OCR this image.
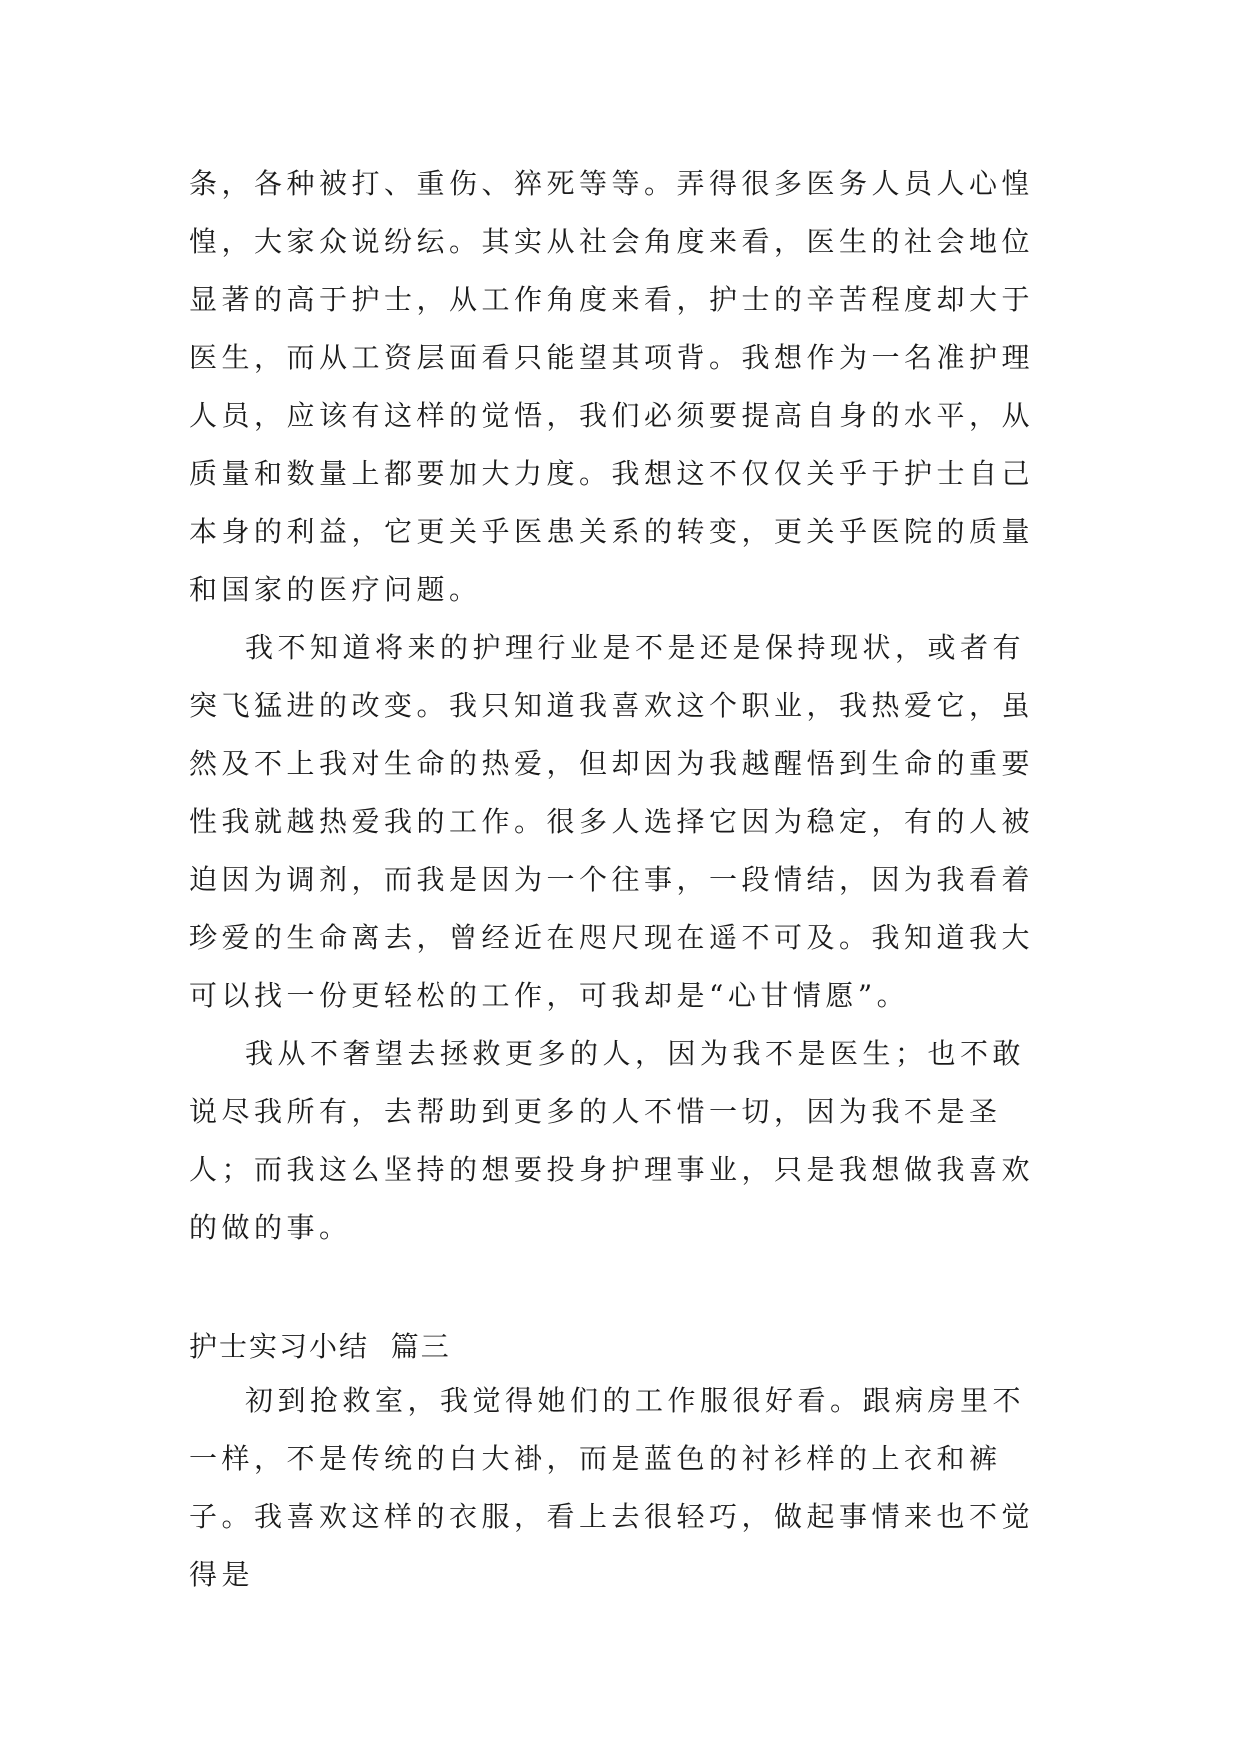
条，各种被打、重伤、猝死等等。弄得很多医务人员人心惶惶，大家众说纷纭。其实从社会角度来看，医生的社会地位显著的高于护士，从工作角度来看，护士的辛苦程度却大于医生，而从工资层面看只能望其项背。我想作为一名准护理人员，应该有这样的觉悟，我们必须要提高自身的水平，从质量和数量上都要加大力度。我想这不仅仅关乎于护士自己本身的利益，它更关乎医患关系的转变，更关乎医院的质量和国家的医疗问题。

我不知道将来的护理行业是不是还是保持现状，或者有突飞猛进的改变。我只知道我喜欢这个职业，我热爱它，虽然及不上我对生命的热爱，但却因为我越醒悟到生命的重要性我就越热爱我的工作。很多人选择它因为稳定，有的人被迫因为调剂，而我是因为一个往事，一段情结，因为我看着珍爱的生命离去，曾经近在咫尺现在遥不可及。我知道我大可以找一份更轻松的工作，可我却是“心甘情愿”。

我从不奢望去拯救更多的人，因为我不是医生；也不敢说尽我所有，去帮助到更多的人不惜一切，因为我不是圣人；而我这么坚持的想要投身护理事业，只是我想做我喜欢的做的事。

护士实习小结  篇三

初到抢救室，我觉得她们的工作服很好看。跟病房里不一样，不是传统的白大褂，而是蓝色的衬衫样的上衣和裤子。我喜欢这样的衣服，看上去很轻巧，做起事情来也不觉得是
